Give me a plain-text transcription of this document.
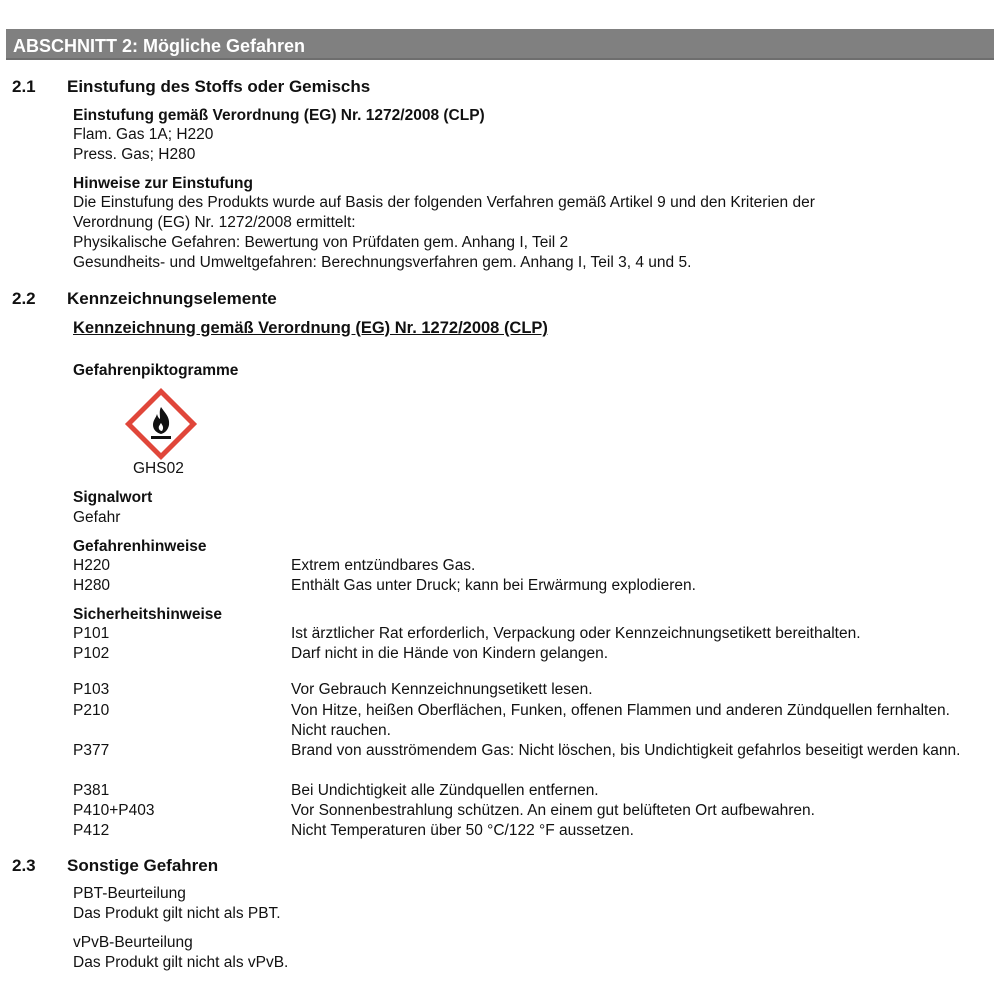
ABSCHNITT 2: Mögliche Gefahren
2.1 Einstufung des Stoffs oder Gemischs
Einstufung gemäß Verordnung (EG) Nr. 1272/2008 (CLP)
Flam. Gas 1A; H220
Press. Gas; H280
Hinweise zur Einstufung
Die Einstufung des Produkts wurde auf Basis der folgenden Verfahren gemäß Artikel 9 und den Kriterien der
Verordnung (EG) Nr. 1272/2008 ermittelt:
Physikalische Gefahren: Bewertung von Prüfdaten gem. Anhang I, Teil 2
Gesundheits- und Umweltgefahren: Berechnungsverfahren gem. Anhang I, Teil 3, 4 und 5.
2.2 Kennzeichnungselemente
Kennzeichnung gemäß Verordnung (EG) Nr. 1272/2008 (CLP)
Gefahrenpiktogramme
GHS02
Signalwort
Gefahr
Gefahrenhinweise
H220	Extrem entzündbares Gas.
H280	Enthält Gas unter Druck; kann bei Erwärmung explodieren.
Sicherheitshinweise
P101	Ist ärztlicher Rat erforderlich, Verpackung oder Kennzeichnungsetikett bereithalten.
P102	Darf nicht in die Hände von Kindern gelangen.
P103	Vor Gebrauch Kennzeichnungsetikett lesen.
P210	Von Hitze, heißen Oberflächen, Funken, offenen Flammen und anderen Zündquellen fernhalten. Nicht rauchen.
P377	Brand von ausströmendem Gas: Nicht löschen, bis Undichtigkeit gefahrlos beseitigt werden kann.
P381	Bei Undichtigkeit alle Zündquellen entfernen.
P410+P403	Vor Sonnenbestrahlung schützen. An einem gut belüfteten Ort aufbewahren.
P412	Nicht Temperaturen über 50 °C/122 °F aussetzen.
2.3 Sonstige Gefahren
PBT-Beurteilung
Das Produkt gilt nicht als PBT.
vPvB-Beurteilung
Das Produkt gilt nicht als vPvB.
